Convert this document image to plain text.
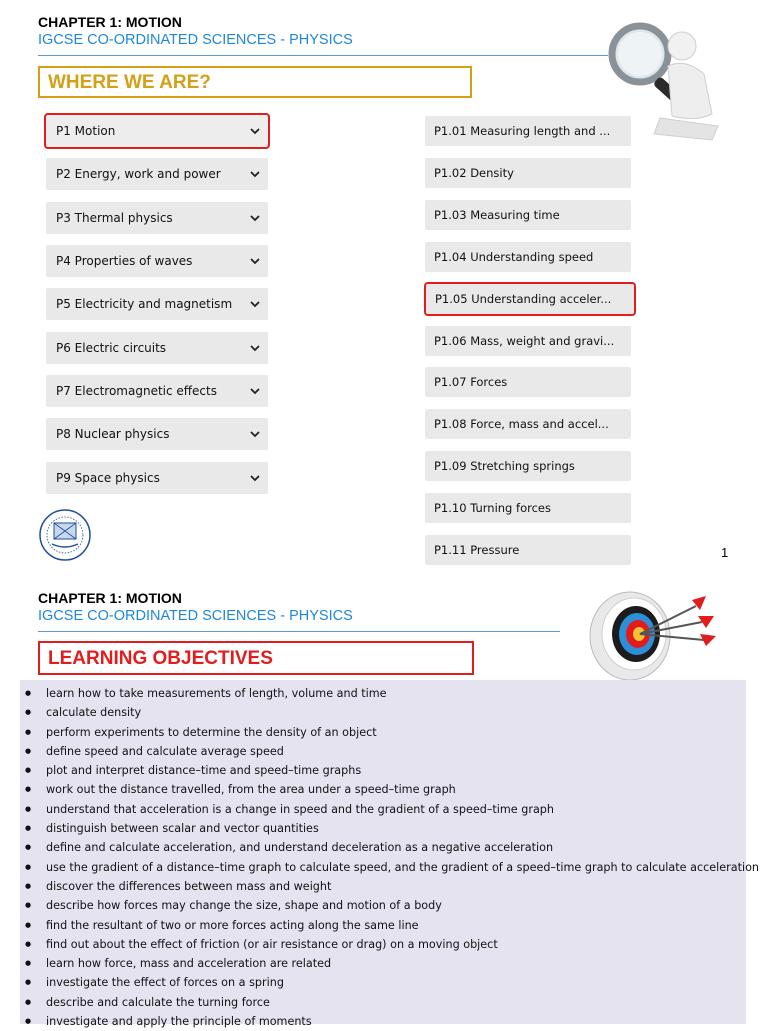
CHAPTER 1: MOTION
IGCSE CO-ORDINATED SCIENCES - PHYSICS
WHERE WE ARE?
P1 Motion
P2 Energy, work and power
P3 Thermal physics
P4 Properties of waves
P5 Electricity and magnetism
P6 Electric circuits
P7 Electromagnetic effects
P8 Nuclear physics
P9 Space physics
P1.01 Measuring length and ...
P1.02 Density
P1.03 Measuring time
P1.04 Understanding speed
P1.05 Understanding acceler...
P1.06 Mass, weight and gravi...
P1.07 Forces
P1.08 Force, mass and accel...
P1.09 Stretching springs
P1.10 Turning forces
P1.11 Pressure	1
CHAPTER 1: MOTION
IGCSE CO-ORDINATED SCIENCES - PHYSICS
LEARNING OBJECTIVES
● learn how to take measurements of length, volume and time
● calculate density
● perform experiments to determine the density of an object
● define speed and calculate average speed
● plot and interpret distance–time and speed–time graphs
● work out the distance travelled, from the area under a speed–time graph
● understand that acceleration is a change in speed and the gradient of a speed–time graph
● distinguish between scalar and vector quantities
● define and calculate acceleration, and understand deceleration as a negative acceleration
● use the gradient of a distance–time graph to calculate speed, and the gradient of a speed–time graph to calculate acceleration
● discover the differences between mass and weight
● describe how forces may change the size, shape and motion of a body
● find the resultant of two or more forces acting along the same line
● find out about the effect of friction (or air resistance or drag) on a moving object
● learn how force, mass and acceleration are related
● investigate the effect of forces on a spring
● describe and calculate the turning force
● investigate and apply the principle of moments
